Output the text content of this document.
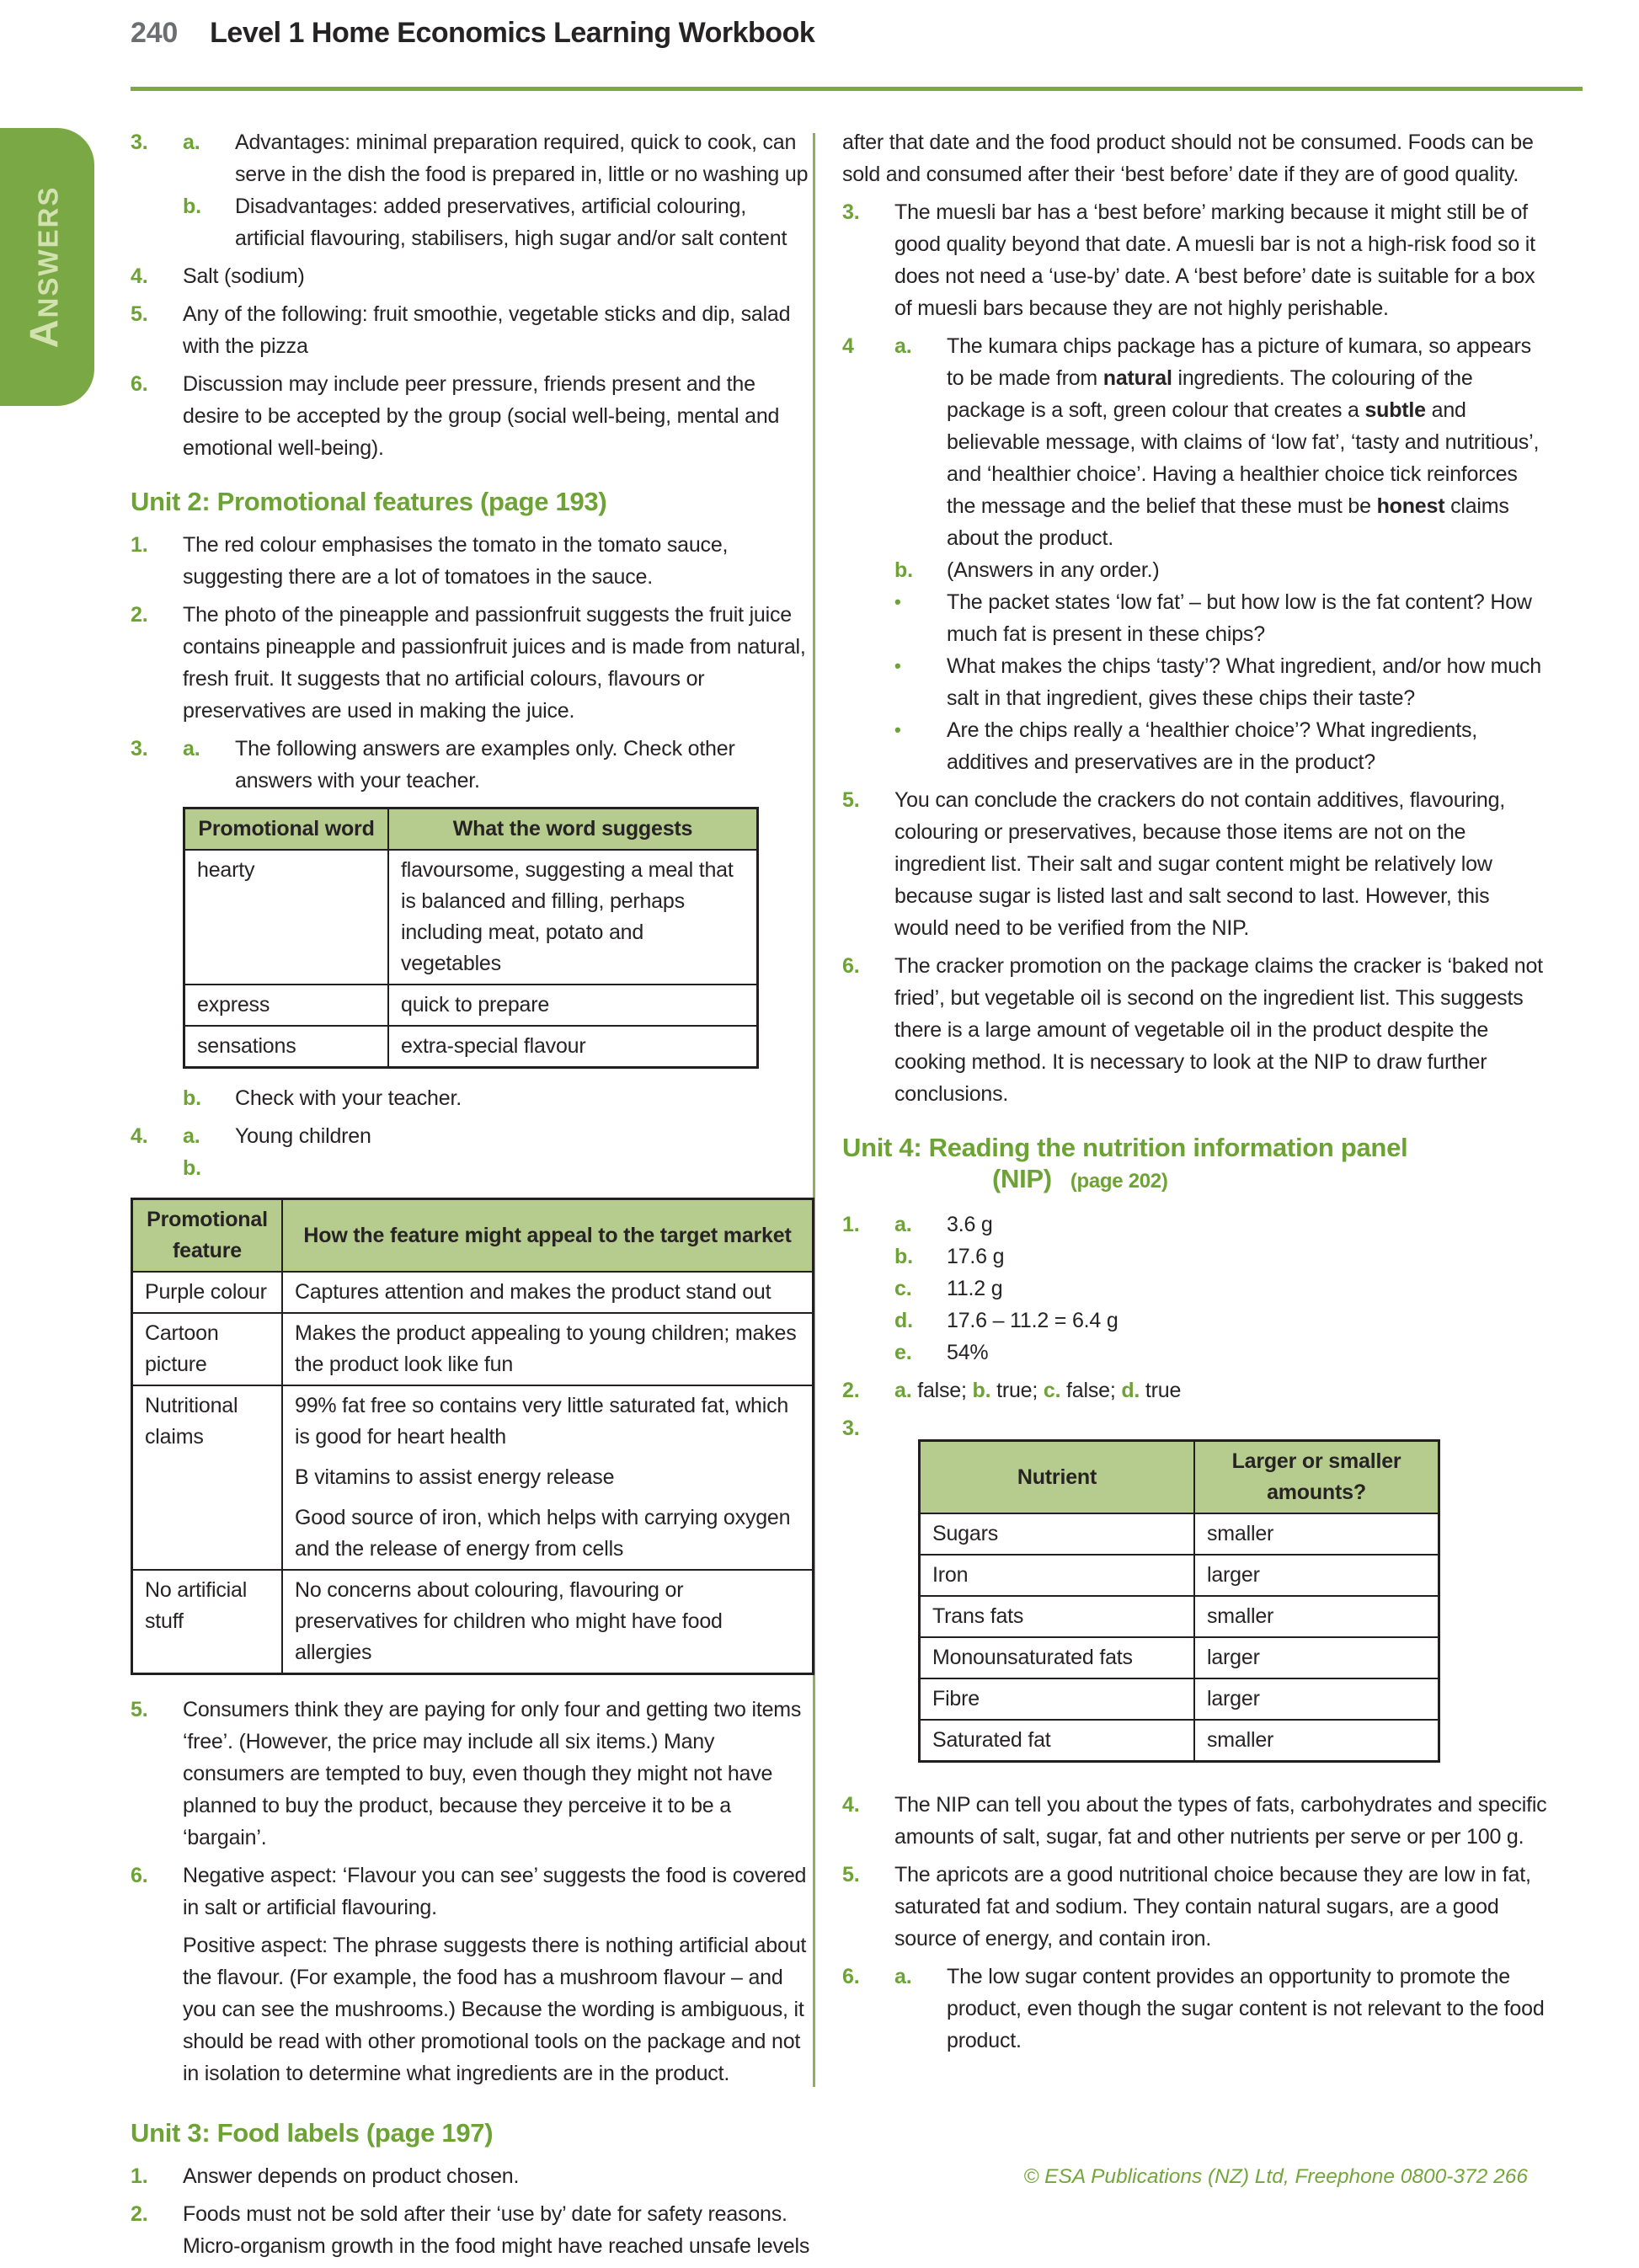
240 Level 1 Home Economics Learning Workbook
ANSWERS
3.	a.	Advantages: minimal preparation required, quick to cook, can serve in the dish the food is prepared in, little or no washing up
b.	Disadvantages: added preservatives, artificial colouring, artificial flavouring, stabilisers, high sugar and/or salt content
4.	Salt (sodium)
5.	Any of the following: fruit smoothie, vegetable sticks and dip, salad with the pizza
6.	Discussion may include peer pressure, friends present and the desire to be accepted by the group (social well-being, mental and emotional well-being).
Unit 2: Promotional features (page 193)
1.	The red colour emphasises the tomato in the tomato sauce, suggesting there are a lot of tomatoes in the sauce.
2.	The photo of the pineapple and passionfruit suggests the fruit juice contains pineapple and passionfruit juices and is made from natural, fresh fruit. It suggests that no artificial colours, flavours or preservatives are used in making the juice.
3.	a.	The following answers are examples only. Check other answers with your teacher.
Promotional word	What the word suggests
hearty	flavoursome, suggesting a meal that is balanced and filling, perhaps including meat, potato and vegetables
express	quick to prepare
sensations	extra-special flavour
b.	Check with your teacher.
4.	a.	Young children
b.
Promotional feature	How the feature might appeal to the target market
Purple colour	Captures attention and makes the product stand out

Cartoon picture	Makes the product appealing to young children; makes the product look like fun

Nutritional claims	99% fat free so contains very little saturated fat, which is good for heart health

B vitamins to assist energy release

Good source of iron, which helps with carrying oxygen and the release of energy from cells

No artificial stuff	No concerns about colouring, flavouring or preservatives for children who might have food allergies

5.	Consumers think they are paying for only four and getting two items ‘free’. (However, the price may include all six items.) Many consumers are tempted to buy, even though they might not have planned to buy the product, because they perceive it to be a ‘bargain’.
6.	Negative aspect: ‘Flavour you can see’ suggests the food is covered in salt or artificial flavouring.

Positive aspect: The phrase suggests there is nothing artificial about the flavour. (For example, the food has a mushroom flavour – and you can see the mushrooms.) Because the wording is ambiguous, it should be read with other promotional tools on the package and not in isolation to determine what ingredients are in the product.

Unit 3: Food labels (page 197)
1.	Answer depends on product chosen.
2.	Foods must not be sold after their ‘use by’ date for safety reasons. Micro-organism growth in the food might have reached unsafe levels

after that date and the food product should not be consumed. Foods can be sold and consumed after their ‘best before’ date if they are of good quality.

3.	The muesli bar has a ‘best before’ marking because it might still be of good quality beyond that date. A muesli bar is not a high-risk food so it does not need a ‘use-by’ date. A ‘best before’ date is suitable for a box of muesli bars because they are not highly perishable.
4	a.	The kumara chips package has a picture of kumara, so appears to be made from natural ingredients. The colouring of the package is a soft, green colour that creates a subtle and believable message, with claims of ‘low fat’, ‘tasty and nutritious’, and ‘healthier choice’. Having a healthier choice tick reinforces the message and the belief that these must be honest claims about the product.
b.	(Answers in any order.)
•	The packet states ‘low fat’ – but how low is the fat content? How much fat is present in these chips?
•	What makes the chips ‘tasty’? What ingredient, and/or how much salt in that ingredient, gives these chips their taste?
•	Are the chips really a ‘healthier choice’? What ingredients, additives and preservatives are in the product?
5.	You can conclude the crackers do not contain additives, flavouring, colouring or preservatives, because those items are not on the ingredient list. Their salt and sugar content might be relatively low because sugar is listed last and salt second to last. However, this would need to be verified from the NIP.
6.	The cracker promotion on the package claims the cracker is ‘baked not fried’, but vegetable oil is second on the ingredient list. This suggests there is a large amount of vegetable oil in the product despite the cooking method. It is necessary to look at the NIP to draw further conclusions.
Unit 4: Reading the nutrition information panel
(NIP) (page 202)
1.	a.	3.6 g
b.	17.6 g
c.	11.2 g
d.	17.6 – 11.2 = 6.4 g
e.	54%
2.	a. false; b. true; c. false; d. true
3.
Nutrient	Larger or smaller amounts?
Sugars	smaller
Iron	larger
Trans fats	smaller
Monounsaturated fats	larger
Fibre	larger
Saturated fat	smaller
4.	The NIP can tell you about the types of fats, carbohydrates and specific amounts of salt, sugar, fat and other nutrients per serve or per 100 g.
5.	The apricots are a good nutritional choice because they are low in fat, saturated fat and sodium. They contain natural sugars, are a good source of energy, and contain iron.
6.	a.	The low sugar content provides an opportunity to promote the product, even though the sugar content is not relevant to the food product.
© ESA Publications (NZ) Ltd, Freephone 0800-372 266
